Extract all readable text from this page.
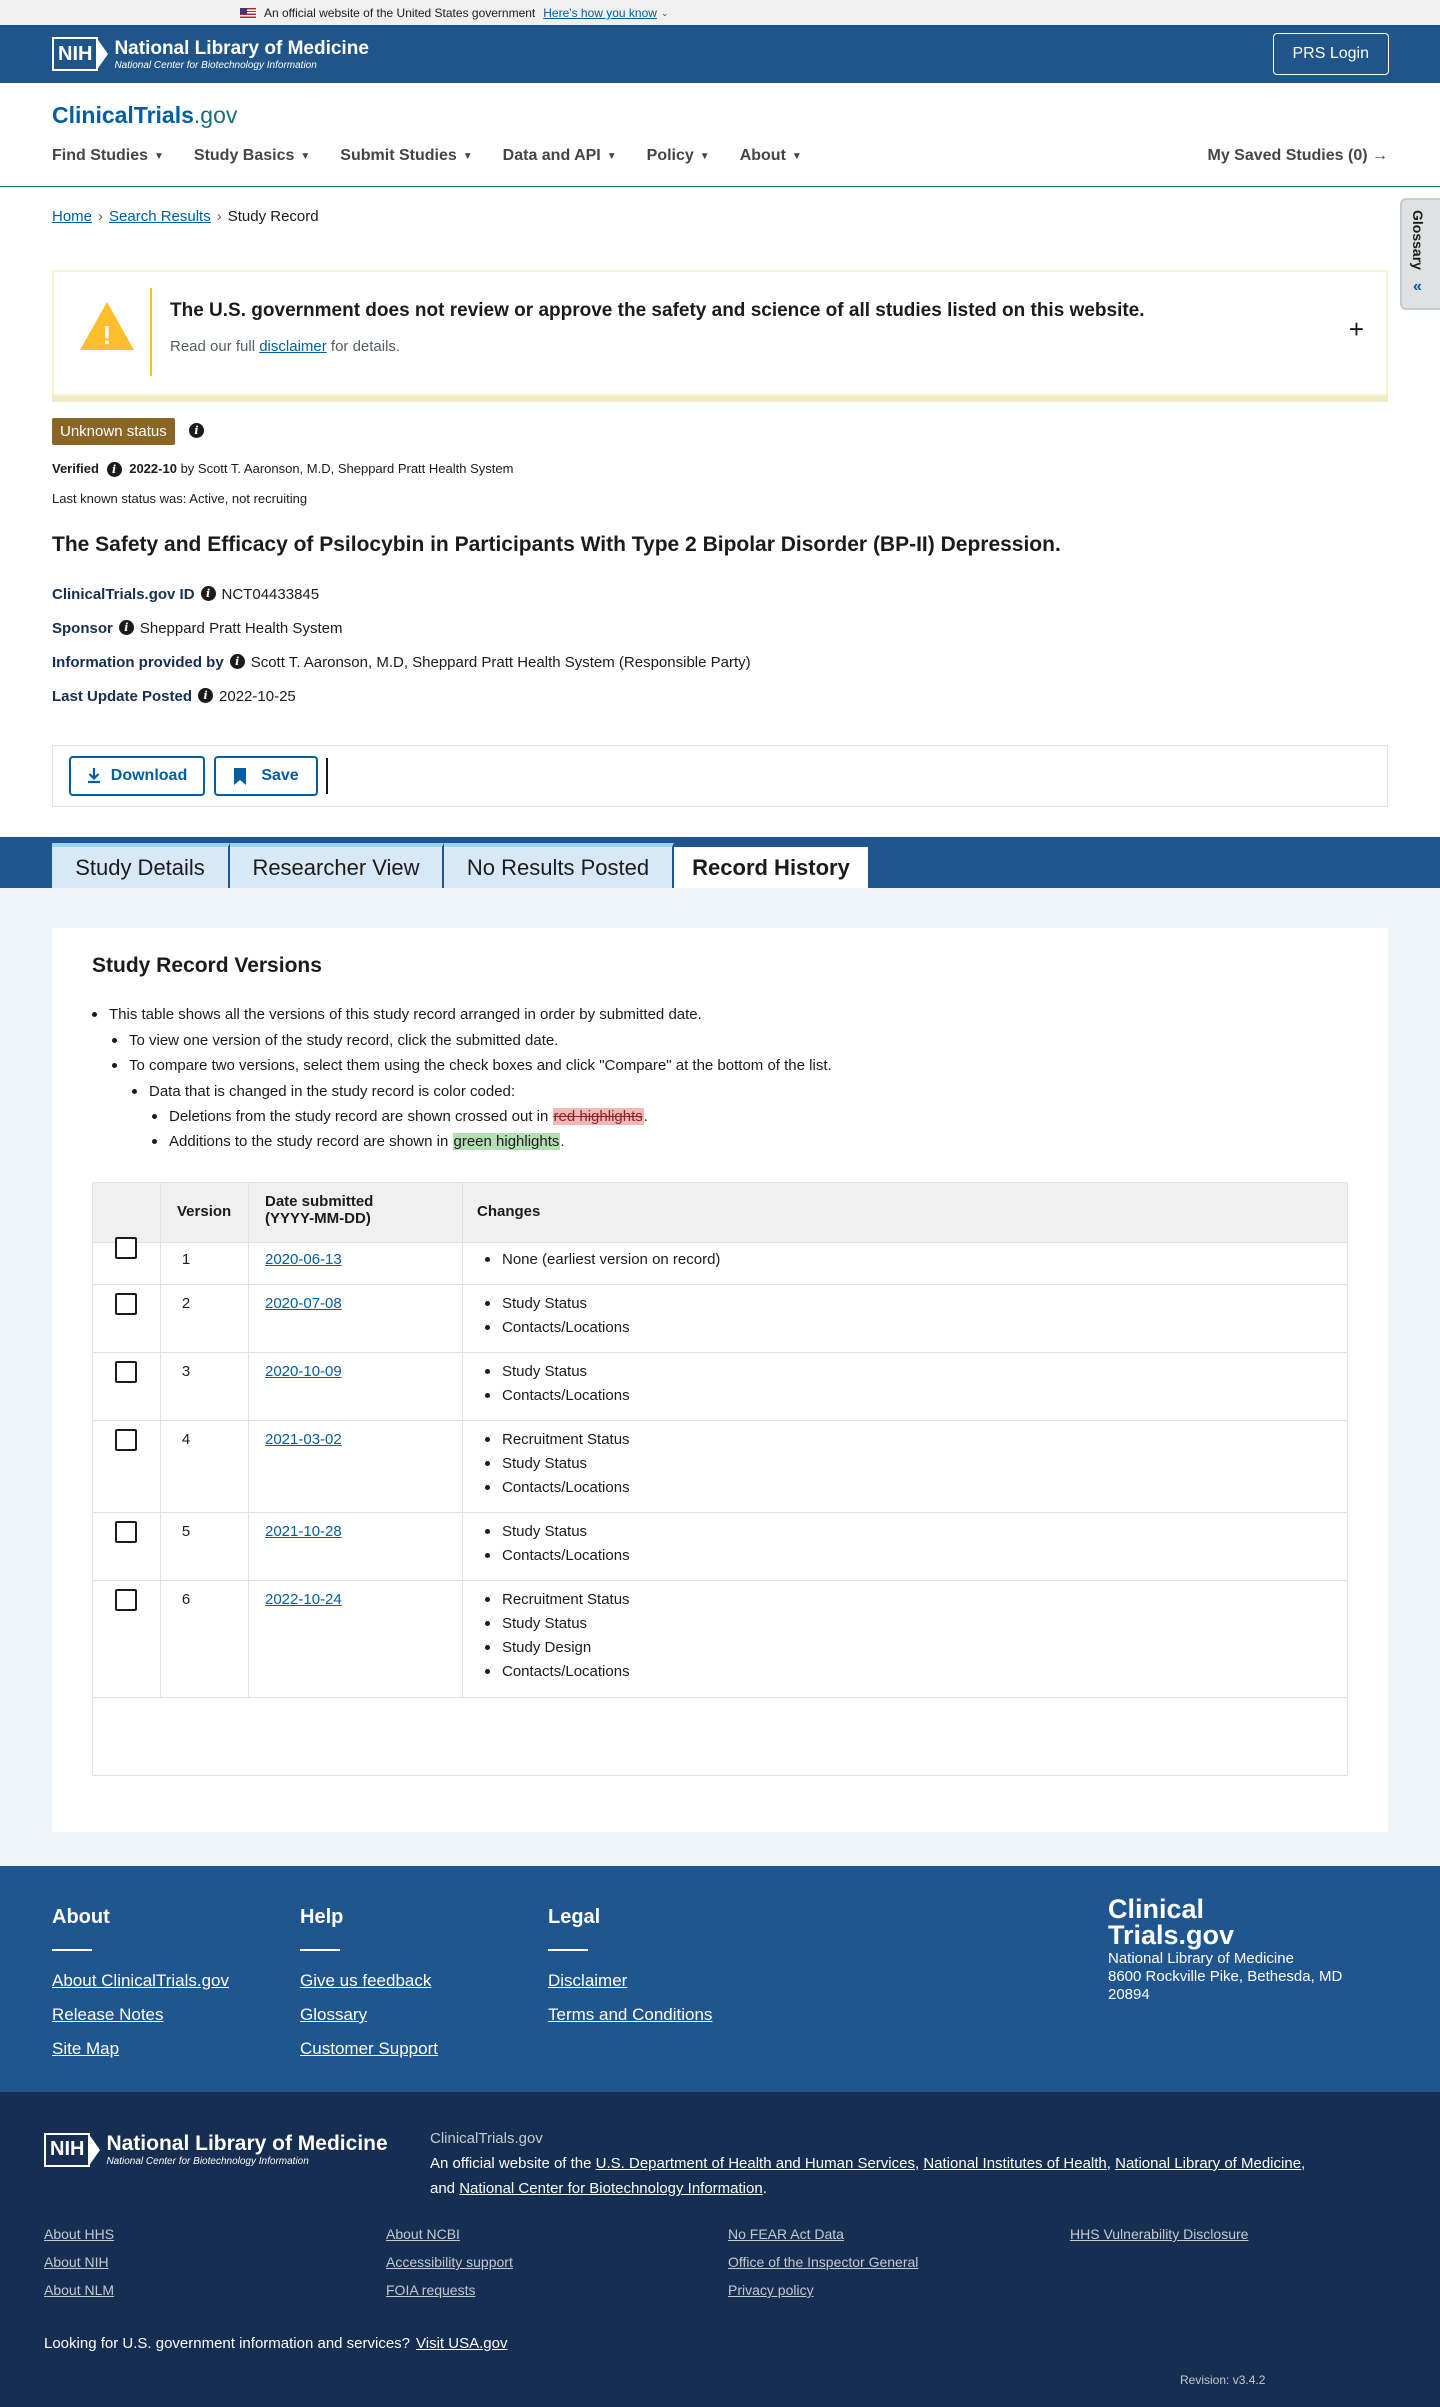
An official website of the United States government Here's how you know ⌄
NIH	National Library of Medicine
National Center for Biotechnology Information
PRS Login
ClinicalTrials.gov
Find Studies ▼ Study Basics ▼ Submit Studies ▼ Data and API ▼ Policy ▼ About ▼	My Saved Studies (0) →
Home › Search Results › Study Record	Glossary
«
!
The U.S. government does not review or approve the safety and science of all studies listed on this website.
Read our full disclaimer for details.
+
Unknown status	i
Verified i 2022-10 by Scott T. Aaronson, M.D, Sheppard Pratt Health System
Last known status was: Active, not recruiting
The Safety and Efficacy of Psilocybin in Participants With Type 2 Bipolar Disorder (BP-II) Depression.
ClinicalTrials.gov ID i NCT04433845
Sponsor i Sheppard Pratt Health System
Information provided by i Scott T. Aaronson, M.D, Sheppard Pratt Health System (Responsible Party)
Last Update Posted i 2022-10-25
Download	Save
Study Details	Researcher View	No Results Posted	Record History
Study Record Versions
This table shows all the versions of this study record arranged in order by submitted date.
To view one version of the study record, click the submitted date.
To compare two versions, select them using the check boxes and click "Compare" at the bottom of the list.
Data that is changed in the study record is color coded:
Deletions from the study record are shown crossed out in
red highlights .
Additions to the study record are shown in
green highlights .
Version
Date submitted
(YYYY-MM-DD)	Changes
1	2020-06-13	None (earliest version on record)
2	2020-07-08	Study Status
Contacts/Locations
3	2020-10-09	Study Status
Contacts/Locations
4	2021-03-02	Recruitment Status
Study Status
Contacts/Locations
5	2021-10-28	Study Status
Contacts/Locations
6	2022-10-24	Recruitment Status
Study Status
Study Design
Contacts/Locations
About
About ClinicalTrials.gov
Release Notes
Site Map
Help
Give us feedback
Glossary
Customer Support
Legal
Disclaimer
Terms and Conditions
Clinical
Trials.gov
National Library of Medicine
8600 Rockville Pike, Bethesda, MD
20894
NIH National Library of Medicine
National Center for Biotechnology Information
ClinicalTrials.gov
An official website of the U.S. Department of Health and Human Services, National Institutes of Health, National Library of Medicine,
and National Center for Biotechnology Information.
About HHS
About NIH
About NLM
About NCBI
Accessibility support
FOIA requests
No FEAR Act Data
Office of the Inspector General
Privacy policy
HHS Vulnerability Disclosure
Looking for U.S. government information and services? Visit USA.gov
Revision: v3.4.2
